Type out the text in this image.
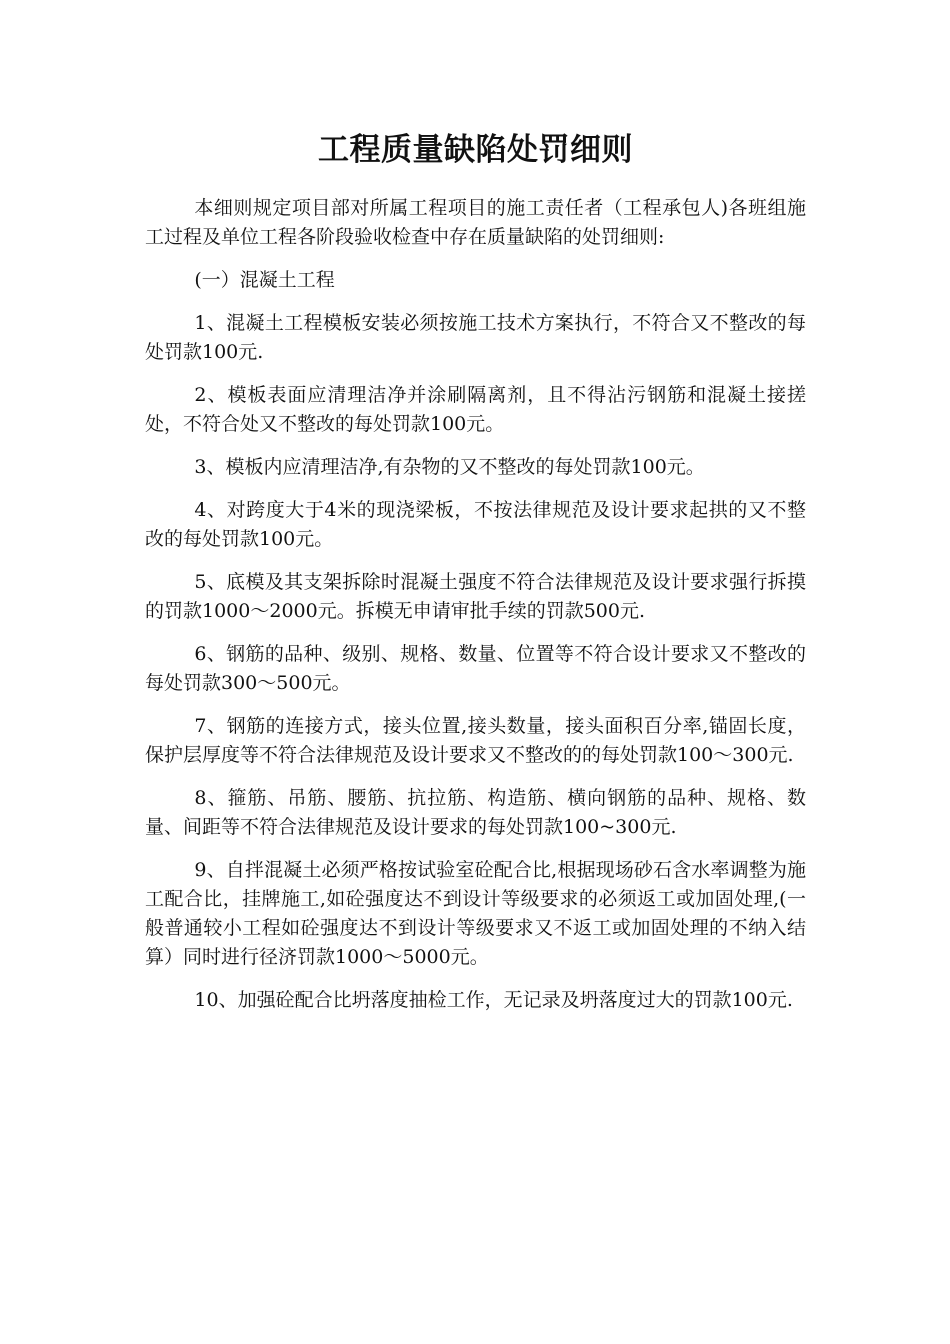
工程质量缺陷处罚细则

本细则规定项目部对所属工程项目的施工责任者（工程承包人)各班组施工过程及单位工程各阶段验收检查中存在质量缺陷的处罚细则:

(一）混凝土工程

1、混凝土工程模板安装必须按施工技术方案执行，不符合又不整改的每处罚款100元.

2、模板表面应清理洁净并涂刷隔离剂，且不得沾污钢筋和混凝土接搓处，不符合处又不整改的每处罚款100元。

3、模板内应清理洁净,有杂物的又不整改的每处罚款100元。

4、对跨度大于4米的现浇梁板，不按法律规范及设计要求起拱的又不整改的每处罚款100元。

5、底模及其支架拆除时混凝土强度不符合法律规范及设计要求强行拆摸的罚款1000～2000元。拆模无申请审批手续的罚款500元.

6、钢筋的品种、级别、规格、数量、位置等不符合设计要求又不整改的每处罚款300～500元。

7、钢筋的连接方式，接头位置,接头数量，接头面积百分率,锚固长度，保护层厚度等不符合法律规范及设计要求又不整改的的每处罚款100～300元.

8、箍筋、吊筋、腰筋、抗拉筋、构造筋、横向钢筋的品种、规格、数量、间距等不符合法律规范及设计要求的每处罚款100~300元.

9、自拌混凝土必须严格按试验室砼配合比,根据现场砂石含水率调整为施工配合比，挂牌施工,如砼强度达不到设计等级要求的必须返工或加固处理,(一般普通较小工程如砼强度达不到设计等级要求又不返工或加固处理的不纳入结算）同时进行径济罚款1000～5000元。

10、加强砼配合比坍落度抽检工作，无记录及坍落度过大的罚款100元.
